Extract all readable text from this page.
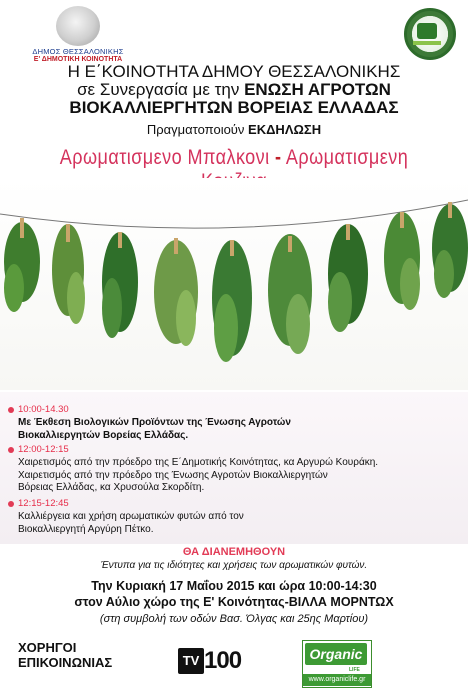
ΔΗΜΟΣ ΘΕΣΣΑΛΟΝΙΚΗΣ
Ε' ΔΗΜΟΤΙΚΗ ΚΟΙΝΟΤΗΤΑ
Η Ε΄ΚΟΙΝΟΤΗΤΑ ΔΗΜΟΥ ΘΕΣΣΑΛΟΝΙΚΗΣ
σε Συνεργασία με την ΕΝΩΣΗ ΑΓΡΟΤΩΝ
ΒΙΟΚΑΛΛΙΕΡΓΗΤΩΝ ΒΟΡΕΙΑΣ ΕΛΛΑΔΑΣ
Πραγματοποιούν ΕΚΔΗΛΩΣΗ
Αρωματισμενο Μπαλκονι - Αρωματισμενη
10:00-14.30
Με Έκθεση Βιολογικών Προϊόντων της Ένωσης Αγροτών
Βιοκαλλιεργητών Βορείας Ελλάδας.
12:00-12:15
Χαιρετισμός από την πρόεδρο της Ε΄Δημοτικής Κοινότητας, κα Αργυρώ Κουράκη.
Χαιρετισμός από την πρόεδρο της Ένωσης Αγροτών Βιοκαλλιεργητών
Βόρειας Ελλάδας, κα Χρυσούλα Σκορδίτη.
12:15-12:45
Καλλιέργεια και χρήση αρωματικών φυτών από τον
Βιοκαλλιεργητή Αργύρη Πέτκο.
ΘΑ ΔΙΑΝΕΜΗΘΟΥΝ
Έντυπα για τις ιδιότητες και χρήσεις των αρωματικών φυτών.
Την Κυριακή 17 Μαΐου 2015 και ώρα 10:00-14:30
στον Αύλιο χώρο της Ε' Κοινότητας-ΒΙΛΛΑ ΜΟΡΝΤΩΧ
(στη συμβολή των οδών Βασ. Όλγας και 25ης Μαρτίου)
ΧΟΡΗΓΟΙ
ΕΠΙΚΟΙΝΩΝΙΑΣ	TV 100	Organic
LIFE
www.organiclife.gr
